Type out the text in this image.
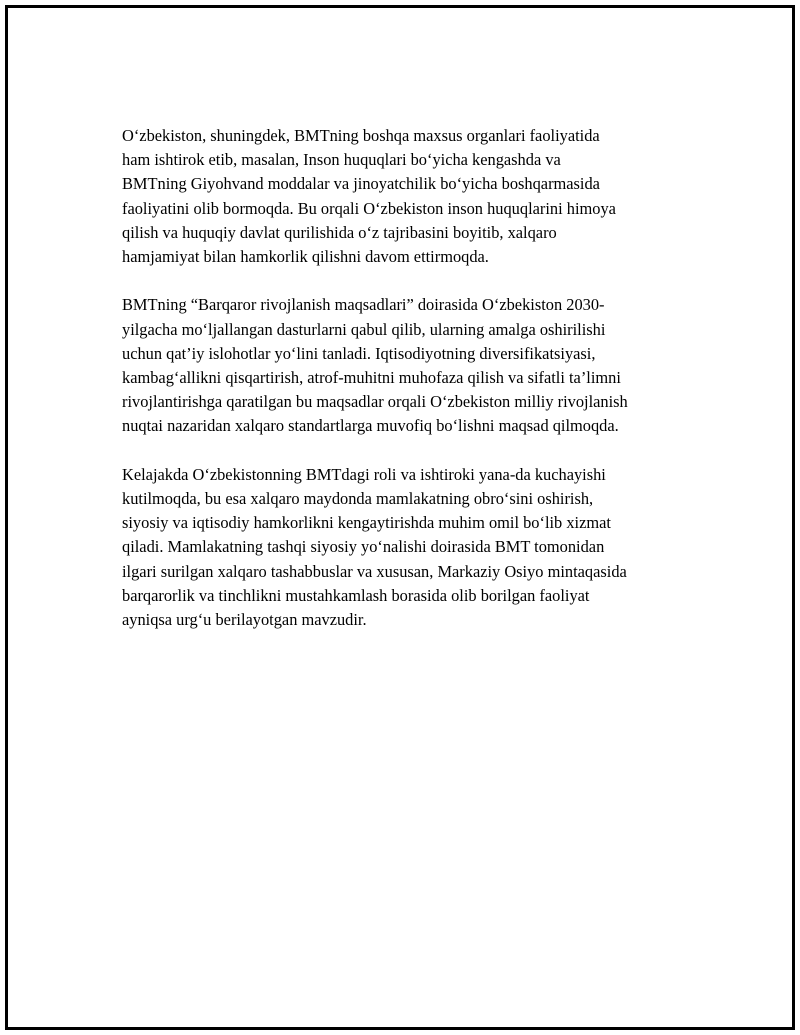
O‘zbekiston, shuningdek, BMTning boshqa maxsus organlari faoliyatida
ham ishtirok etib, masalan, Inson huquqlari bo‘yicha kengashda va
BMTning Giyohvand moddalar va jinoyatchilik bo‘yicha boshqarmasida
faoliyatini olib bormoqda. Bu orqali O‘zbekiston inson huquqlarini himoya
qilish va huquqiy davlat qurilishida o‘z tajribasini boyitib, xalqaro
hamjamiyat bilan hamkorlik qilishni davom ettirmoqda.

BMTning “Barqaror rivojlanish maqsadlari” doirasida O‘zbekiston 2030-
yilgacha mo‘ljallangan dasturlarni qabul qilib, ularning amalga oshirilishi
uchun qat’iy islohotlar yo‘lini tanladi. Iqtisodiyotning diversifikatsiyasi,
kambag‘allikni qisqartirish, atrof-muhitni muhofaza qilish va sifatli ta’limni
rivojlantirishga qaratilgan bu maqsadlar orqali O‘zbekiston milliy rivojlanish
nuqtai nazaridan xalqaro standartlarga muvofiq bo‘lishni maqsad qilmoqda.

Kelajakda O‘zbekistonning BMTdagi roli va ishtiroki yana-da kuchayishi
kutilmoqda, bu esa xalqaro maydonda mamlakatning obro‘sini oshirish,
siyosiy va iqtisodiy hamkorlikni kengaytirishda muhim omil bo‘lib xizmat
qiladi. Mamlakatning tashqi siyosiy yo‘nalishi doirasida BMT tomonidan
ilgari surilgan xalqaro tashabbuslar va xususan, Markaziy Osiyo mintaqasida
barqarorlik va tinchlikni mustahkamlash borasida olib borilgan faoliyat
ayniqsa urg‘u berilayotgan mavzudir.
